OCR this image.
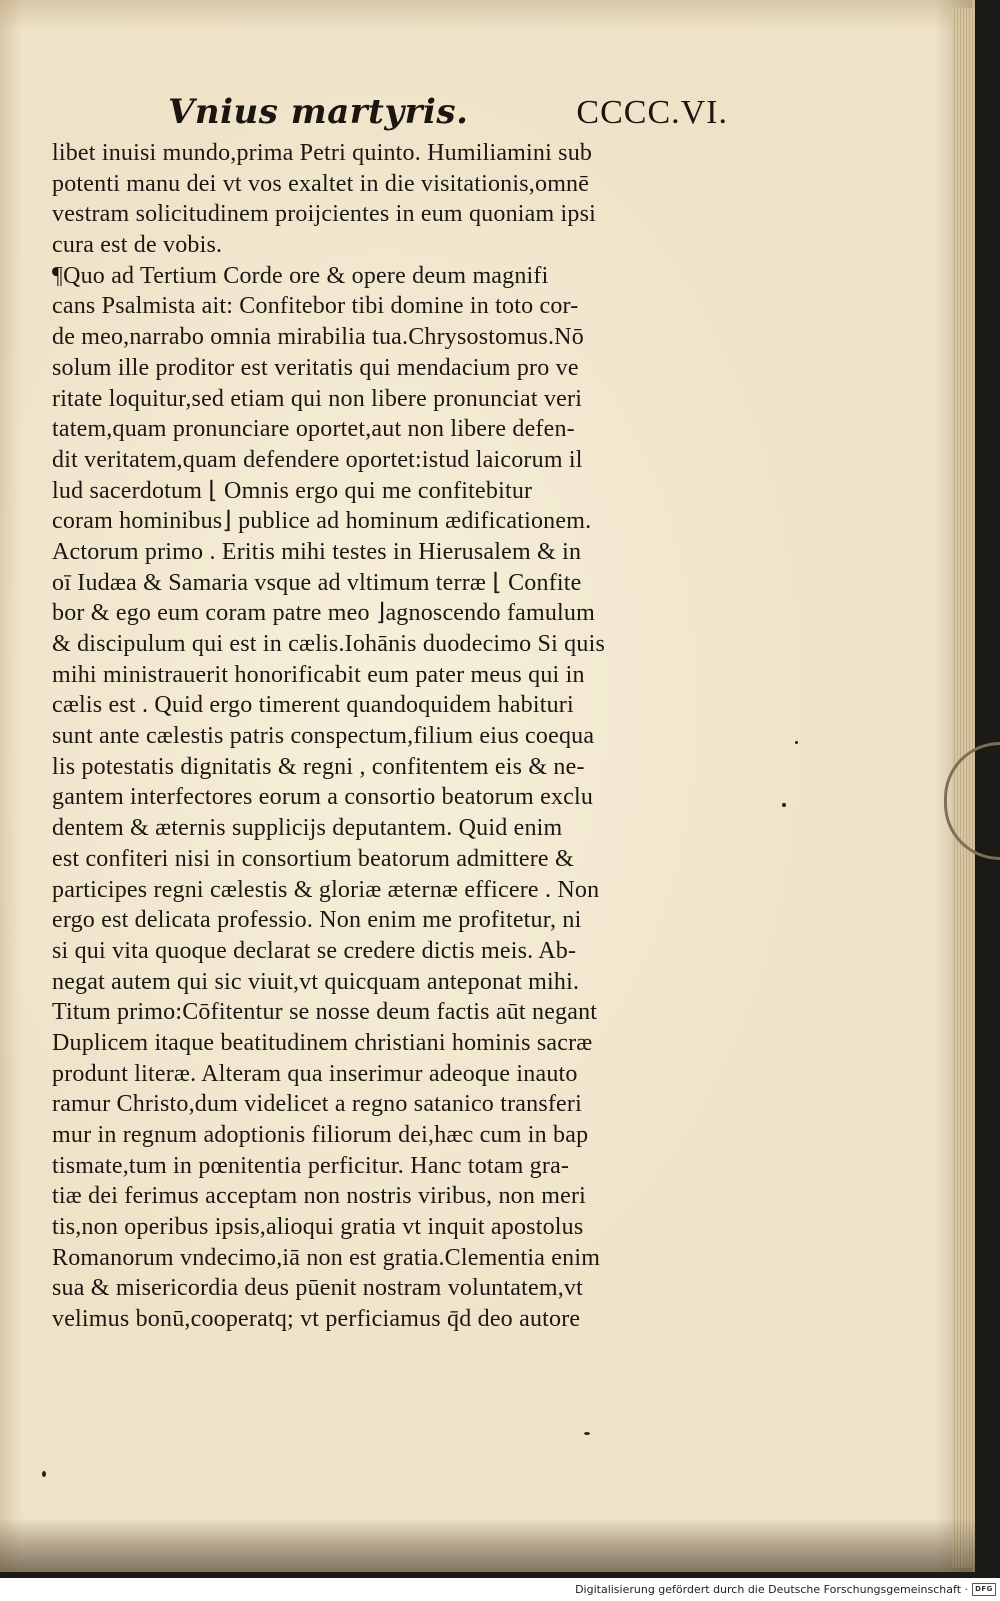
Vnius martyris.	CCCC.VI.
libet inuisi mundo,prima Petri quinto. Humiliamini sub
potenti manu dei vt vos exaltet in die visitationis,omnē
vestram solicitudinem proijcientes in eum quoniam ipsi
cura est de vobis.
¶Quo ad Tertium Corde ore & opere deum magnifi
cans Psalmista ait: Confitebor tibi domine in toto cor-
de meo,narrabo omnia mirabilia tua.Chrysostomus.Nō
solum ille proditor est veritatis qui mendacium pro ve
ritate loquitur,sed etiam qui non libere pronunciat veri
tatem,quam pronunciare oportet,aut non libere defen-
dit veritatem,quam defendere oportet:istud laicorum il
lud sacerdotum ⌊ Omnis ergo qui me confitebitur
coram hominibus⌋ publice ad hominum ædificationem.
Actorum primo . Eritis mihi testes in Hierusalem & in
oī Iudæa & Samaria vsque ad vltimum terræ ⌊ Confite
bor & ego eum coram patre meo ⌋agnoscendo famulum
& discipulum qui est in cælis.Iohānis duodecimo Si quis
mihi ministrauerit honorificabit eum pater meus qui in
cælis est . Quid ergo timerent quandoquidem habituri
sunt ante cælestis patris conspectum,filium eius coequa
lis potestatis dignitatis & regni , confitentem eis & ne-
gantem interfectores eorum a consortio beatorum exclu
dentem & æternis supplicijs deputantem. Quid enim
est confiteri nisi in consortium beatorum admittere &
participes regni cælestis & gloriæ æternæ efficere . Non
ergo est delicata professio. Non enim me profitetur, ni
si qui vita quoque declarat se credere dictis meis. Ab-
negat autem qui sic viuit,vt quicquam anteponat mihi.
Titum primo:Cōfitentur se nosse deum factis aūt negant
Duplicem itaque beatitudinem christiani hominis sacræ
produnt literæ. Alteram qua inserimur adeoque inauto
ramur Christo,dum videlicet a regno satanico transferi
mur in regnum adoptionis filiorum dei,hæc cum in bap
tismate,tum in pœnitentia perficitur. Hanc totam gra-
tiæ dei ferimus acceptam non nostris viribus, non meri
tis,non operibus ipsis,alioqui gratia vt inquit apostolus
Romanorum vndecimo,iā non est gratia.Clementia enim
sua & misericordia deus pūenit nostram voluntatem,vt
velimus bonū,cooperatq; vt perficiamus q̄d deo autore
Digitalisierung gefördert durch die Deutsche Forschungsgemeinschaft ·	DFG
